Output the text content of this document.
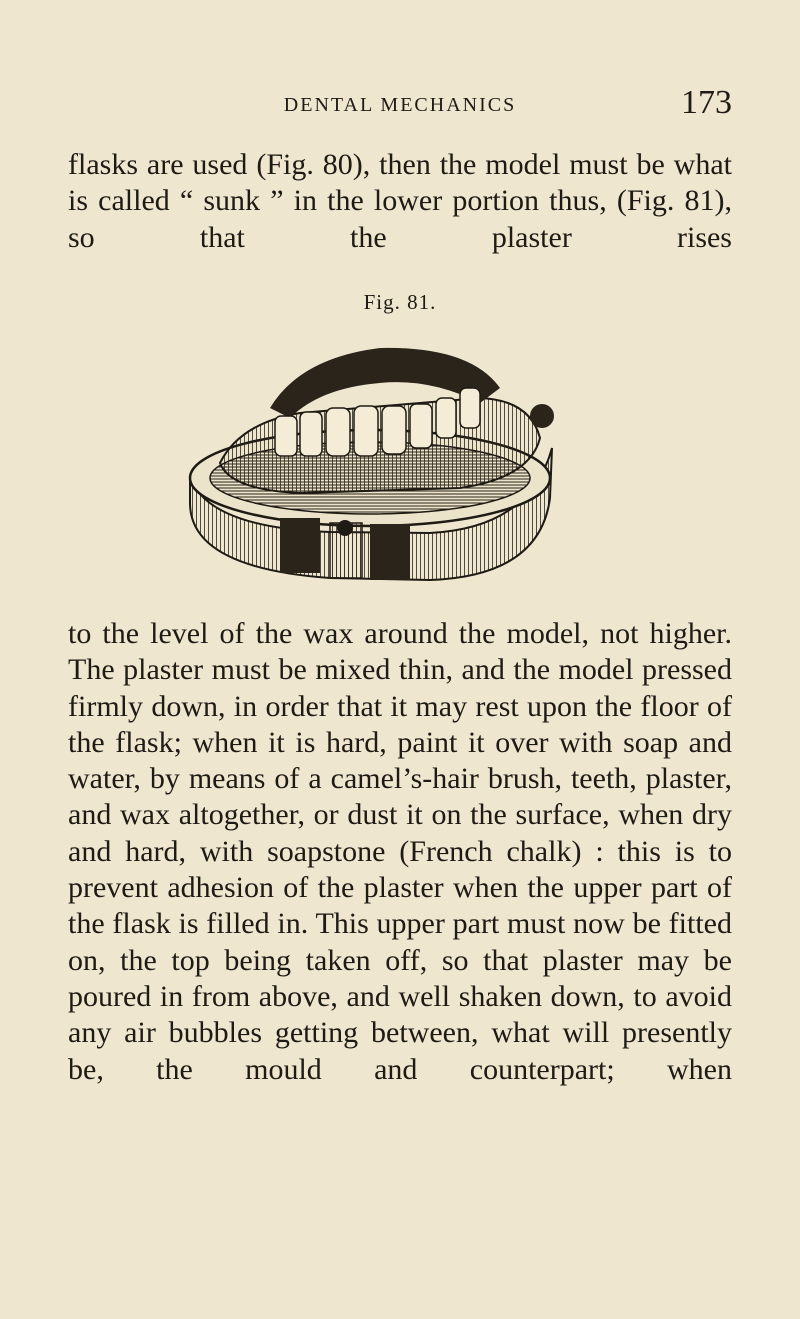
DENTAL MECHANICS	173

flasks are used (Fig. 80), then the model must be what is called “ sunk ” in the lower portion thus, (Fig. 81), so that the plaster rises

Fig. 81.

to the level of the wax around the model, not higher. The plaster must be mixed thin, and the model pressed firmly down, in order that it may rest upon the floor of the flask; when it is hard, paint it over with soap and water, by means of a camel’s-hair brush, teeth, plaster, and wax altogether, or dust it on the surface, when dry and hard, with soapstone (French chalk) : this is to prevent adhesion of the plaster when the upper part of the flask is filled in. This upper part must now be fitted on, the top being taken off, so that plaster may be poured in from above, and well shaken down, to avoid any air bubbles getting between, what will presently be, the mould and counterpart; when
